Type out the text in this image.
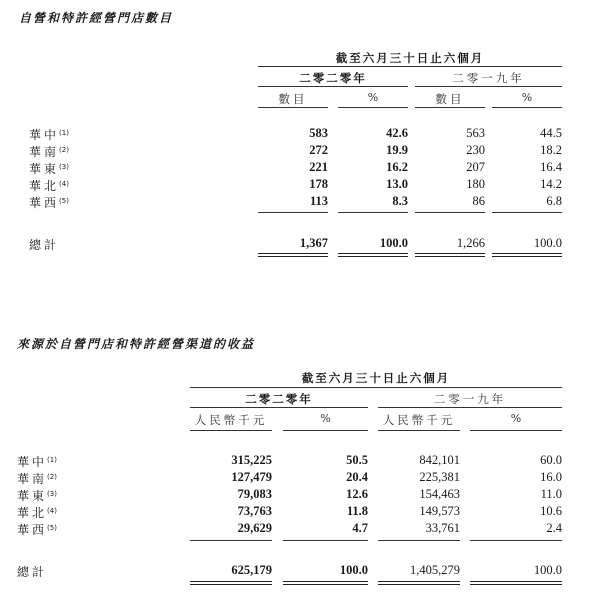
自營和特許經營門店數目
截至六月三十日止六個月
二零二零年	二零一九年
數目	%	數目	%
華中$^{(1)}$	583	42.6	563	44.5
華南$^{(2)}$	272	19.9	230	18.2
華東$^{(3)}$	221	16.2	207	16.4
華北$^{(4)}$	178	13.0	180	14.2
華西$^{(5)}$	113	8.3	86	6.8
總計	1,367	100.0	1,266	100.0
來源於自營門店和特許經營渠道的收益
截至六月三十日止六個月
二零二零年	二零一九年
人民幣千元	%	人民幣千元	%
華中$^{(1)}$	315,225	50.5	842,101	60.0
華南$^{(2)}$	127,479	20.4	225,381	16.0
華東$^{(3)}$	79,083	12.6	154,463	11.0
華北$^{(4)}$	73,763	11.8	149,573	10.6
華西$^{(5)}$	29,629	4.7	33,761	2.4
總計	625,179	100.0	1,405,279	100.0
